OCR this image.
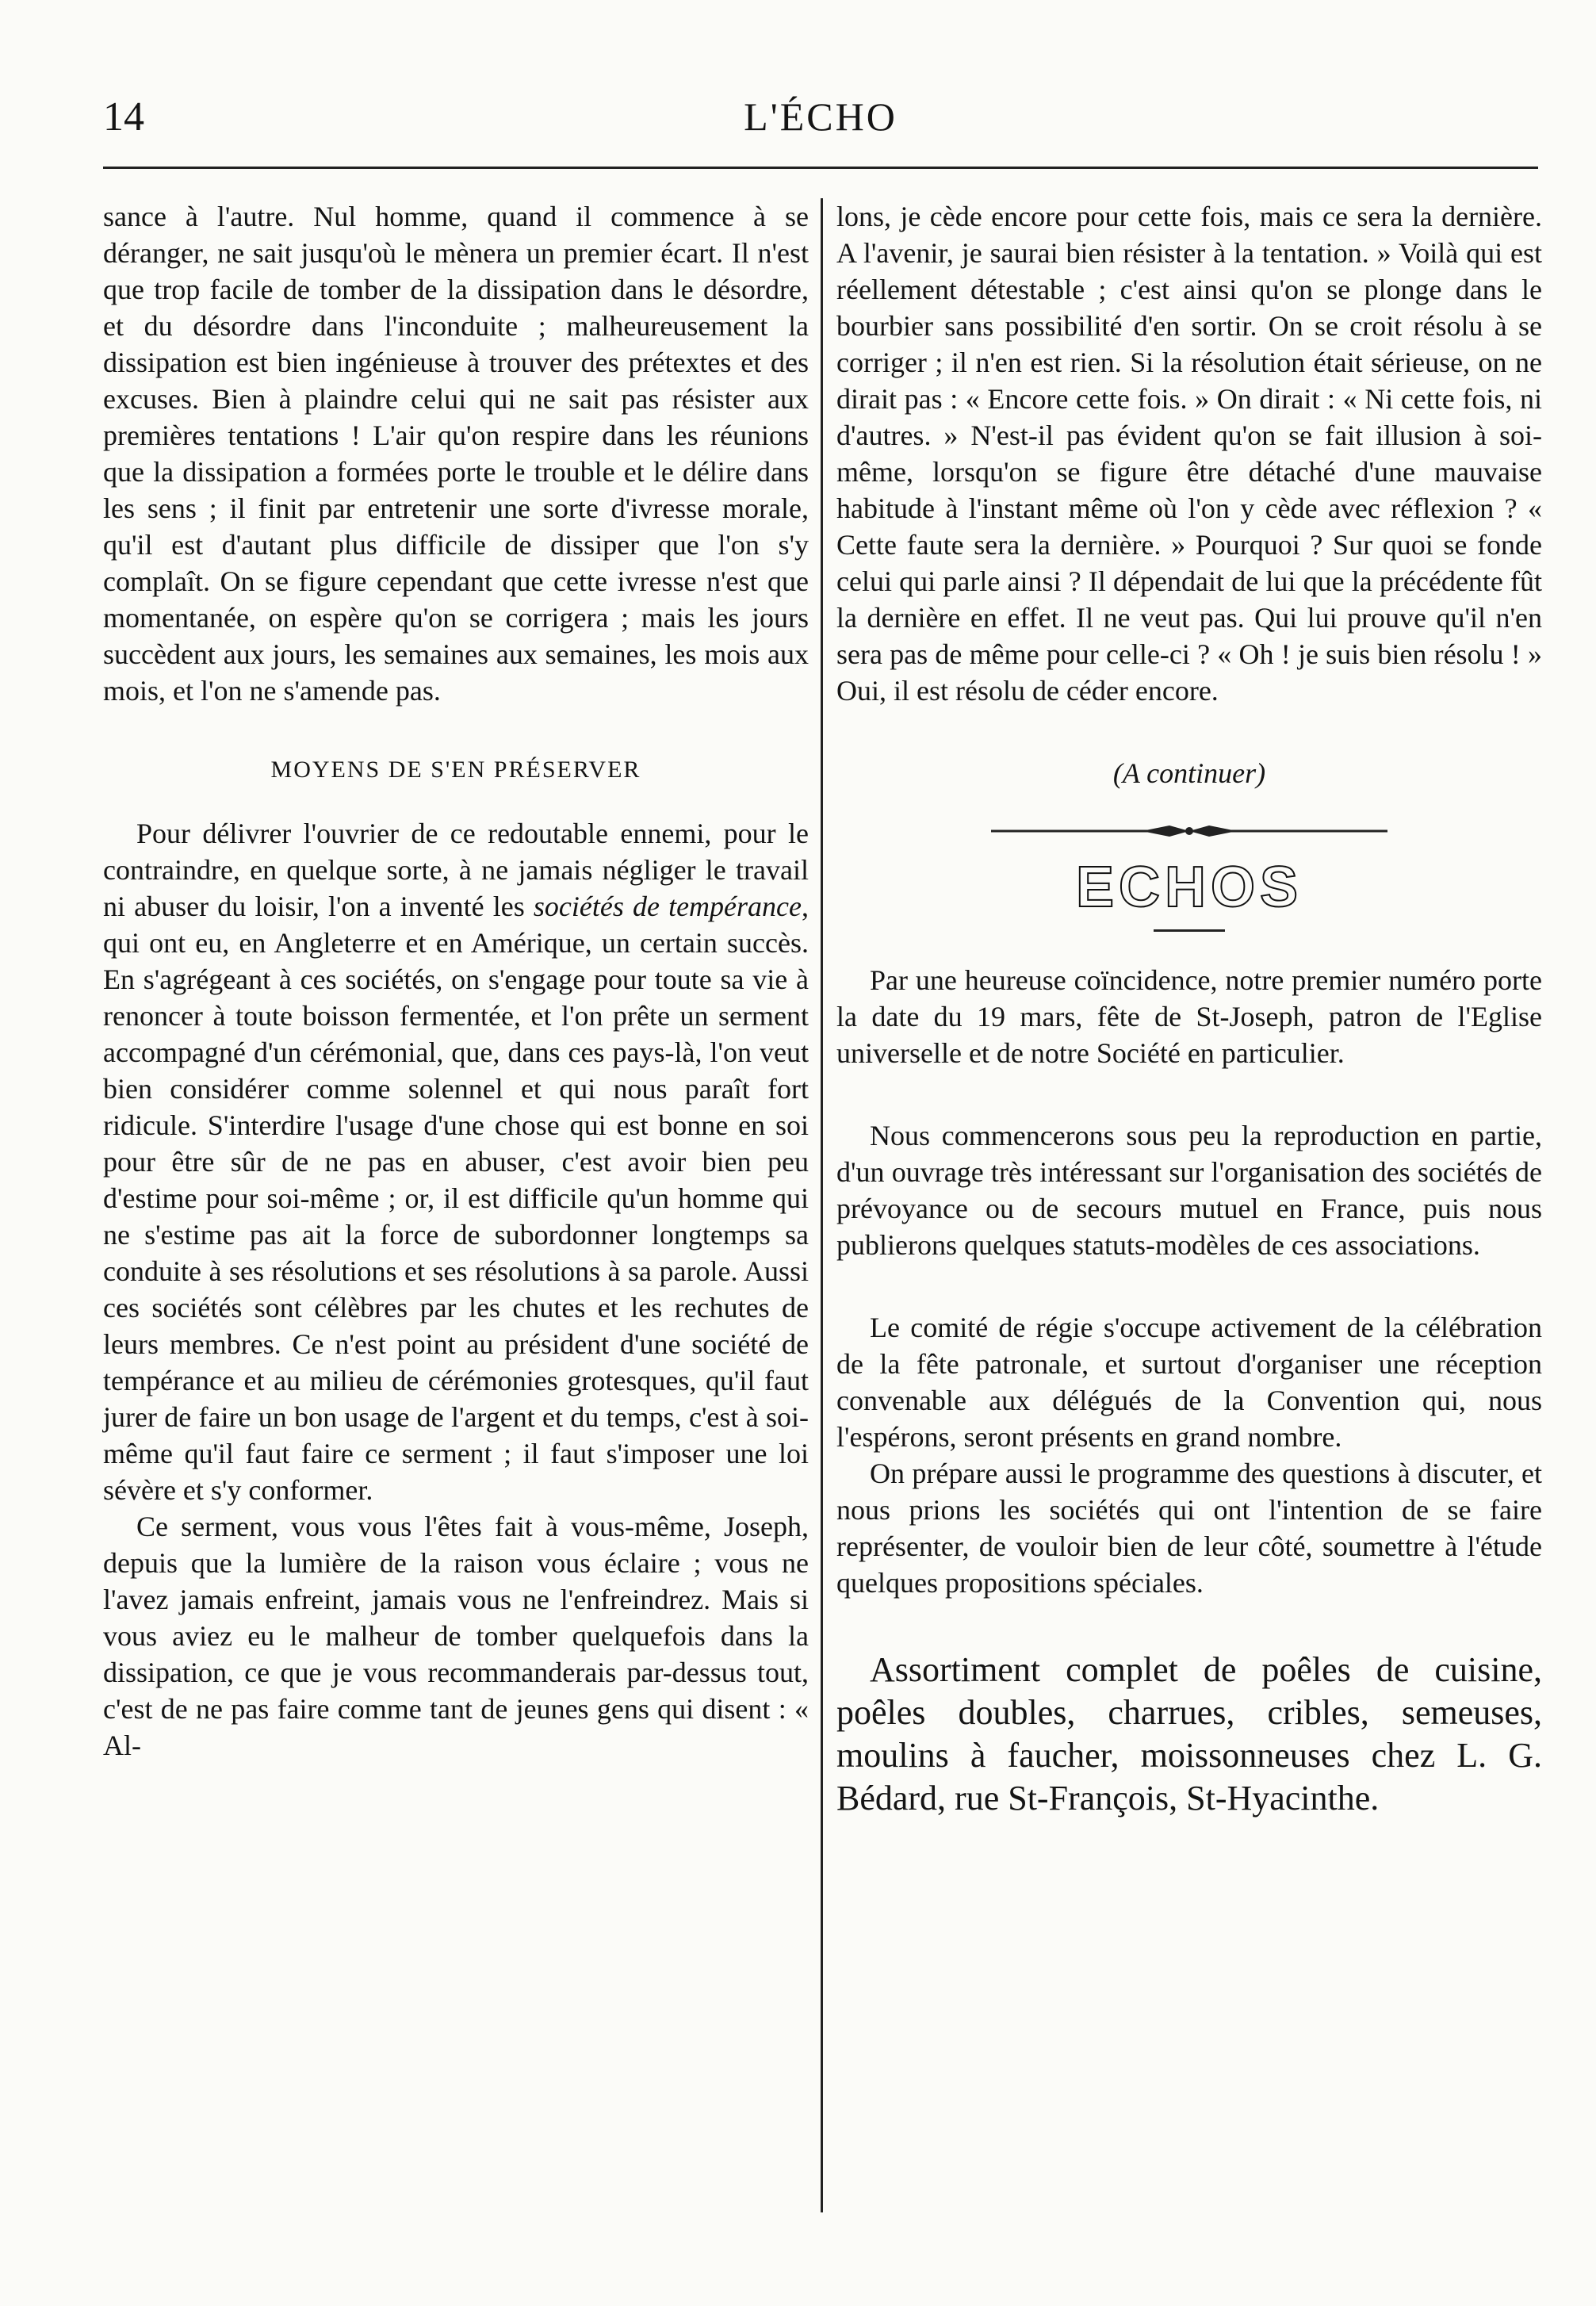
14	L'ÉCHO

sance à l'autre. Nul homme, quand il commence à se déranger, ne sait jusqu'où le mènera un premier écart. Il n'est que trop facile de tomber de la dissipation dans le désordre, et du désordre dans l'inconduite ; malheureusement la dissipation est bien ingénieuse à trouver des prétextes et des excuses. Bien à plaindre celui qui ne sait pas résister aux premières tentations ! L'air qu'on respire dans les réunions que la dissipation a formées porte le trouble et le délire dans les sens ; il finit par entretenir une sorte d'ivresse morale, qu'il est d'autant plus difficile de dissiper que l'on s'y complaît. On se figure cependant que cette ivresse n'est que momentanée, on espère qu'on se corrigera ; mais les jours succèdent aux jours, les semaines aux semaines, les mois aux mois, et l'on ne s'amende pas.

MOYENS DE S'EN PRÉSERVER

Pour délivrer l'ouvrier de ce redoutable ennemi, pour le contraindre, en quelque sorte, à ne jamais négliger le travail ni abuser du loisir, l'on a inventé les sociétés de tempérance, qui ont eu, en Angleterre et en Amérique, un certain succès. En s'agrégeant à ces sociétés, on s'engage pour toute sa vie à renoncer à toute boisson fermentée, et l'on prête un serment accompagné d'un cérémonial, que, dans ces pays-là, l'on veut bien considérer comme solennel et qui nous paraît fort ridicule. S'interdire l'usage d'une chose qui est bonne en soi pour être sûr de ne pas en abuser, c'est avoir bien peu d'estime pour soi-même ; or, il est difficile qu'un homme qui ne s'estime pas ait la force de subordonner longtemps sa conduite à ses résolutions et ses résolutions à sa parole. Aussi ces sociétés sont célèbres par les chutes et les rechutes de leurs membres. Ce n'est point au président d'une société de tempérance et au milieu de cérémonies grotesques, qu'il faut jurer de faire un bon usage de l'argent et du temps, c'est à soi-même qu'il faut faire ce serment ; il faut s'imposer une loi sévère et s'y conformer.

Ce serment, vous vous l'êtes fait à vous-même, Joseph, depuis que la lumière de la raison vous éclaire ; vous ne l'avez jamais enfreint, jamais vous ne l'enfreindrez. Mais si vous aviez eu le malheur de tomber quelquefois dans la dissipation, ce que je vous recommanderais par-dessus tout, c'est de ne pas faire comme tant de jeunes gens qui disent : « Al-

lons, je cède encore pour cette fois, mais ce sera la dernière. A l'avenir, je saurai bien résister à la tentation. » Voilà qui est réellement détestable ; c'est ainsi qu'on se plonge dans le bourbier sans possibilité d'en sortir. On se croit résolu à se corriger ; il n'en est rien. Si la résolution était sérieuse, on ne dirait pas : « Encore cette fois. » On dirait : « Ni cette fois, ni d'autres. » N'est-il pas évident qu'on se fait illusion à soi-même, lorsqu'on se figure être détaché d'une mauvaise habitude à l'instant même où l'on y cède avec réflexion ? « Cette faute sera la dernière. » Pourquoi ? Sur quoi se fonde celui qui parle ainsi ? Il dépendait de lui que la précédente fût la dernière en effet. Il ne veut pas. Qui lui prouve qu'il n'en sera pas de même pour celle-ci ? « Oh ! je suis bien résolu ! » Oui, il est résolu de céder encore.

(A continuer)
ECHOS

Par une heureuse coïncidence, notre premier numéro porte la date du 19 mars, fête de St-Joseph, patron de l'Eglise universelle et de notre Société en particulier.

Nous commencerons sous peu la reproduction en partie, d'un ouvrage très intéressant sur l'organisation des sociétés de prévoyance ou de secours mutuel en France, puis nous publierons quelques statuts-modèles de ces associations.

Le comité de régie s'occupe activement de la célébration de la fête patronale, et surtout d'organiser une réception convenable aux délégués de la Convention qui, nous l'espérons, seront présents en grand nombre.

On prépare aussi le programme des questions à discuter, et nous prions les sociétés qui ont l'intention de se faire représenter, de vouloir bien de leur côté, soumettre à l'étude quelques propositions spéciales.

Assortiment complet de poêles de cuisine, poêles doubles, charrues, cribles, semeuses, moulins à faucher, moissonneuses chez L. G. Bédard, rue St-François, St-Hyacinthe.
